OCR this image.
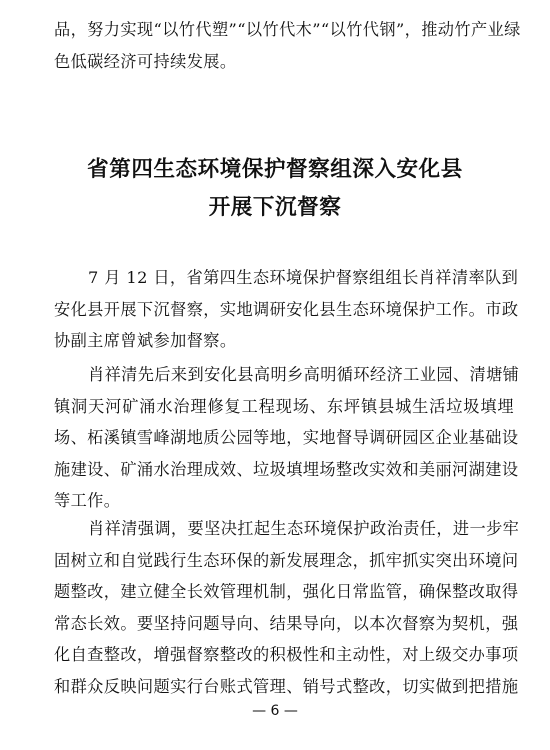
品，努力实现“以竹代塑”“以竹代木”“以竹代钢”，推动竹产业绿
色低碳经济可持续发展。
省第四生态环境保护督察组深入安化县
开展下沉督察
7 月 12 日，省第四生态环境保护督察组组长肖祥清率队到
安化县开展下沉督察，实地调研安化县生态环境保护工作。市政
协副主席曾斌参加督察。
肖祥清先后来到安化县高明乡高明循环经济工业园、清塘铺
镇洞天河矿涌水治理修复工程现场、东坪镇县城生活垃圾填埋
场、柘溪镇雪峰湖地质公园等地，实地督导调研园区企业基础设
施建设、矿涌水治理成效、垃圾填埋场整改实效和美丽河湖建设
等工作。
肖祥清强调，要坚决扛起生态环境保护政治责任，进一步牢
固树立和自觉践行生态环保的新发展理念，抓牢抓实突出环境问
题整改，建立健全长效管理机制，强化日常监管，确保整改取得
常态长效。要坚持问题导向、结果导向，以本次督察为契机，强
化自查整改，增强督察整改的积极性和主动性，对上级交办事项
和群众反映问题实行台账式管理、销号式整改，切实做到把措施
— 6 —
